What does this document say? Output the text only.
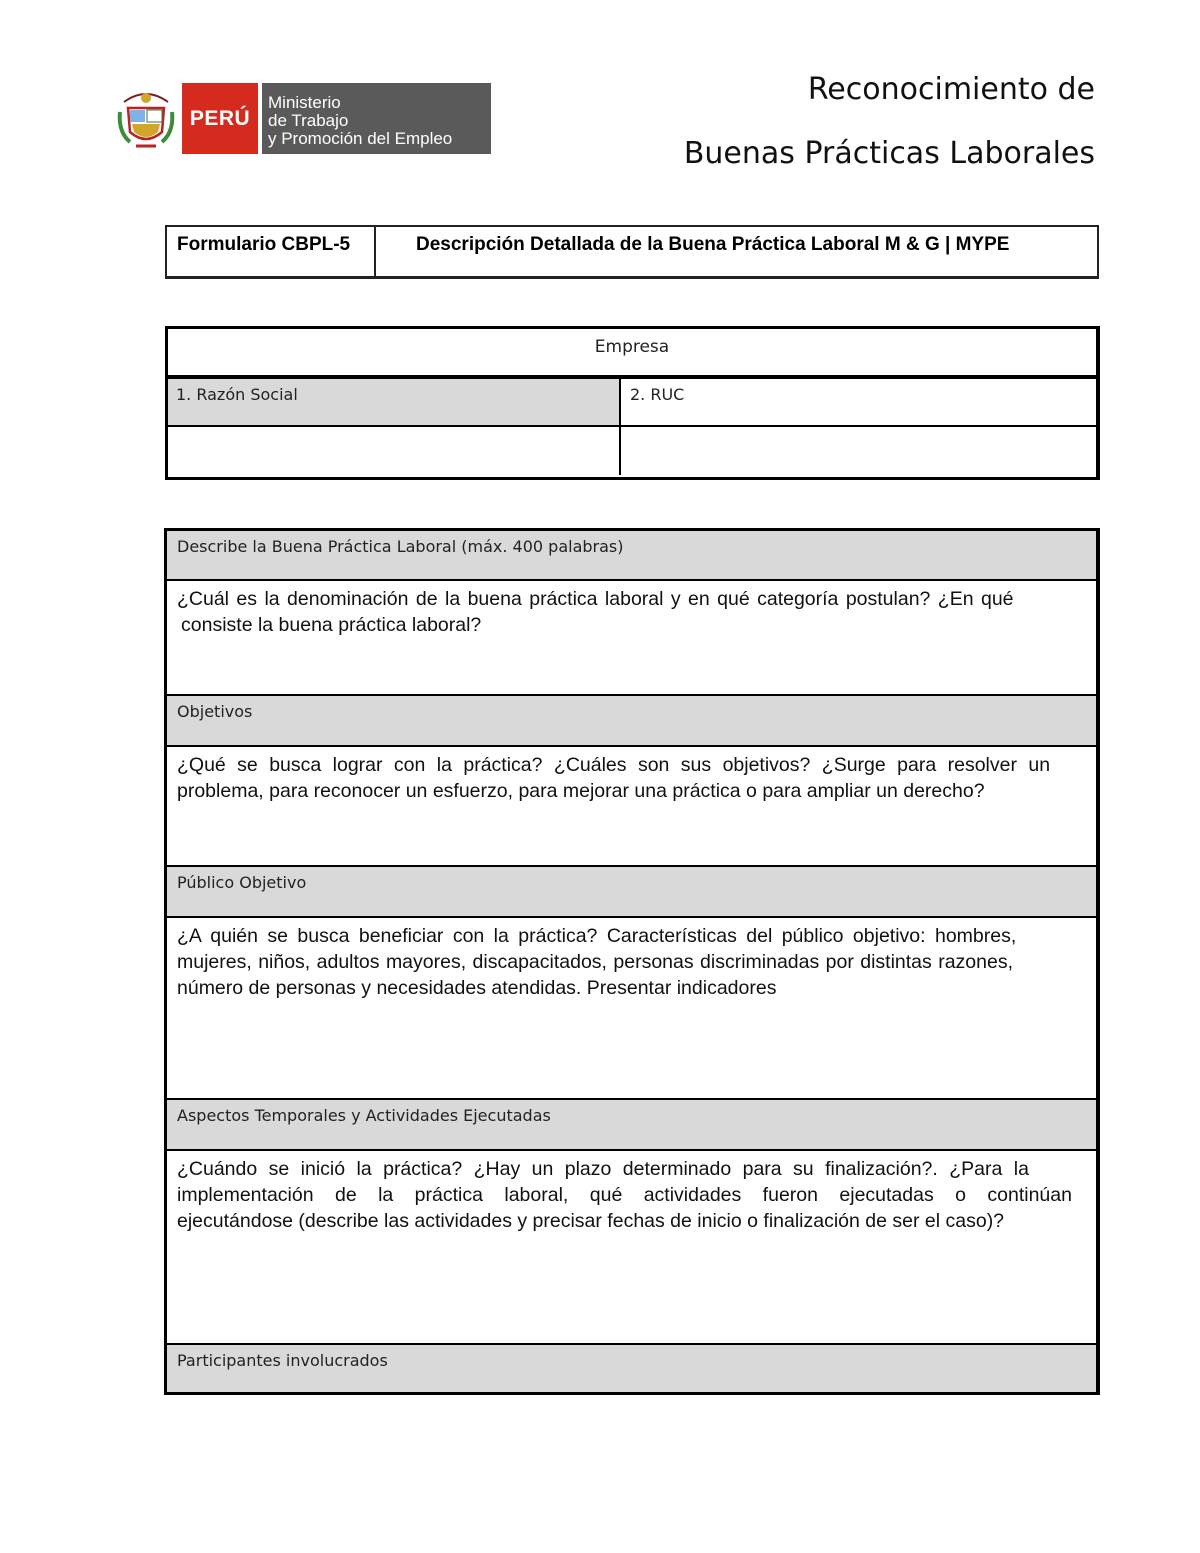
PERÚ
Ministerio
de Trabajo
y Promoción del Empleo
Reconocimiento de
Buenas Prácticas Laborales
Formulario CBPL-5	Descripción Detallada de la Buena Práctica Laboral M & G | MYPE
Empresa
1. Razón Social	2. RUC
Describe la Buena Práctica Laboral (máx. 400 palabras)
¿Cuál es la denominación de la buena práctica laboral y en qué categoría postulan? ¿En qué
consiste la buena práctica laboral?
Objetivos
¿Qué se busca lograr con la práctica? ¿Cuáles son sus objetivos? ¿Surge para resolver un
problema, para reconocer un esfuerzo, para mejorar una práctica o para ampliar un derecho?
Público Objetivo
¿A quién se busca beneficiar con la práctica? Características del público objetivo: hombres,
mujeres, niños, adultos mayores, discapacitados, personas discriminadas por distintas razones,
número de personas y necesidades atendidas. Presentar indicadores
Aspectos Temporales y Actividades Ejecutadas
¿Cuándo se inició la práctica? ¿Hay un plazo determinado para su finalización?. ¿Para la
implementación de la práctica laboral, qué actividades fueron ejecutadas o continúan
ejecutándose (describe las actividades y precisar fechas de inicio o finalización de ser el caso)?
Participantes involucrados
